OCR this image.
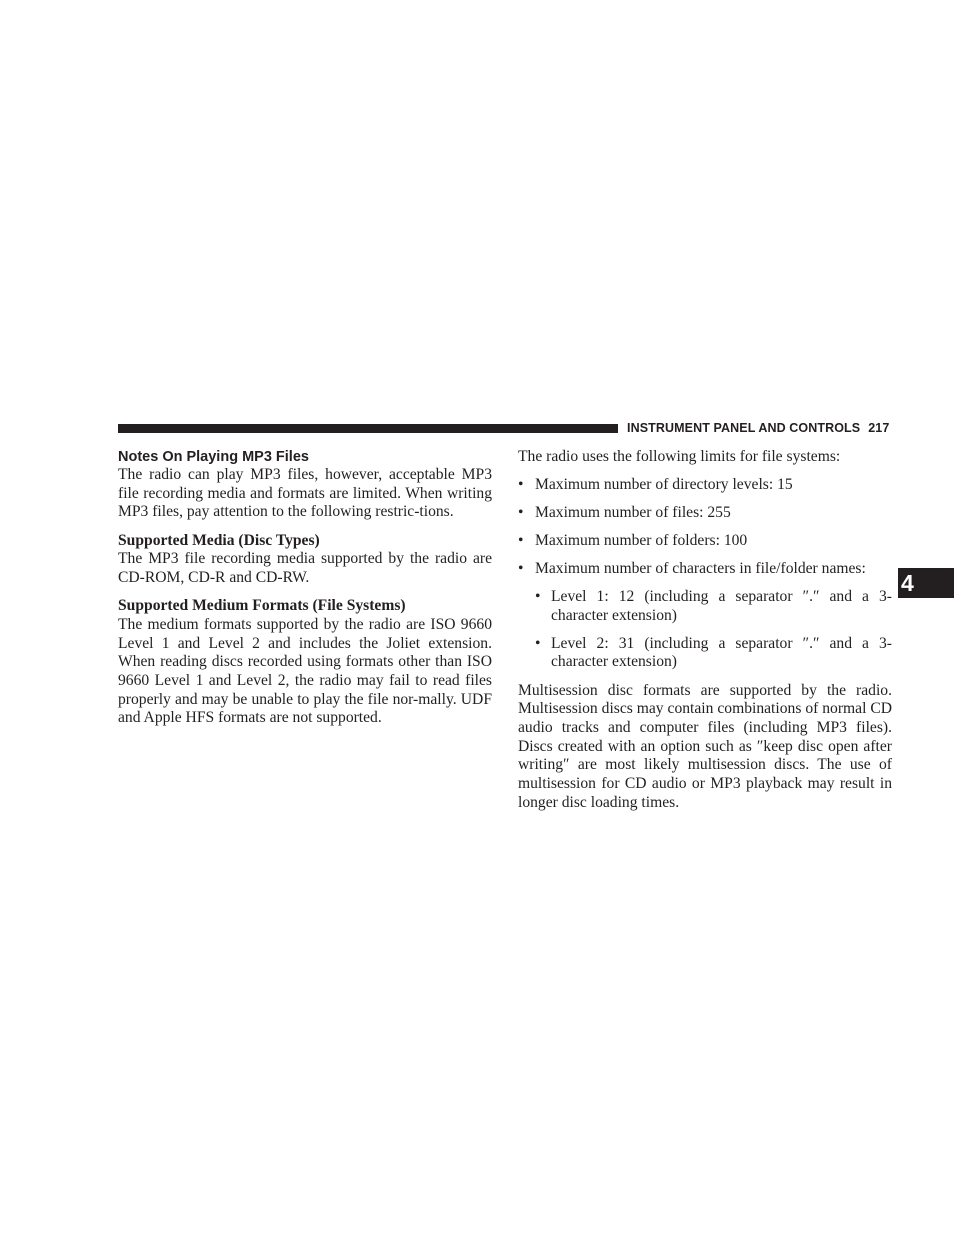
INSTRUMENT PANEL AND CONTROLS 217
4
Notes On Playing MP3 Files

The radio can play MP3 files, however, acceptable MP3 file recording media and formats are limited. When writing MP3 files, pay attention to the following restric-tions.

Supported Media (Disc Types)

The MP3 file recording media supported by the radio are CD-ROM, CD-R and CD-RW.

Supported Medium Formats (File Systems)

The medium formats supported by the radio are ISO 9660 Level 1 and Level 2 and includes the Joliet extension. When reading discs recorded using formats other than ISO 9660 Level 1 and Level 2, the radio may fail to read files properly and may be unable to play the file nor-mally. UDF and Apple HFS formats are not supported.

The radio uses the following limits for file systems:

• Maximum number of directory levels: 15
• Maximum number of files: 255
• Maximum number of folders: 100
• Maximum number of characters in file/folder names:
• Level 1: 12 (including a separator ″.″ and a 3-character extension)
• Level 2: 31 (including a separator ″.″ and a 3-character extension)

Multisession disc formats are supported by the radio. Multisession discs may contain combinations of normal CD audio tracks and computer files (including MP3 files). Discs created with an option such as ″keep disc open after writing″ are most likely multisession discs. The use of multisession for CD audio or MP3 playback may result in longer disc loading times.
